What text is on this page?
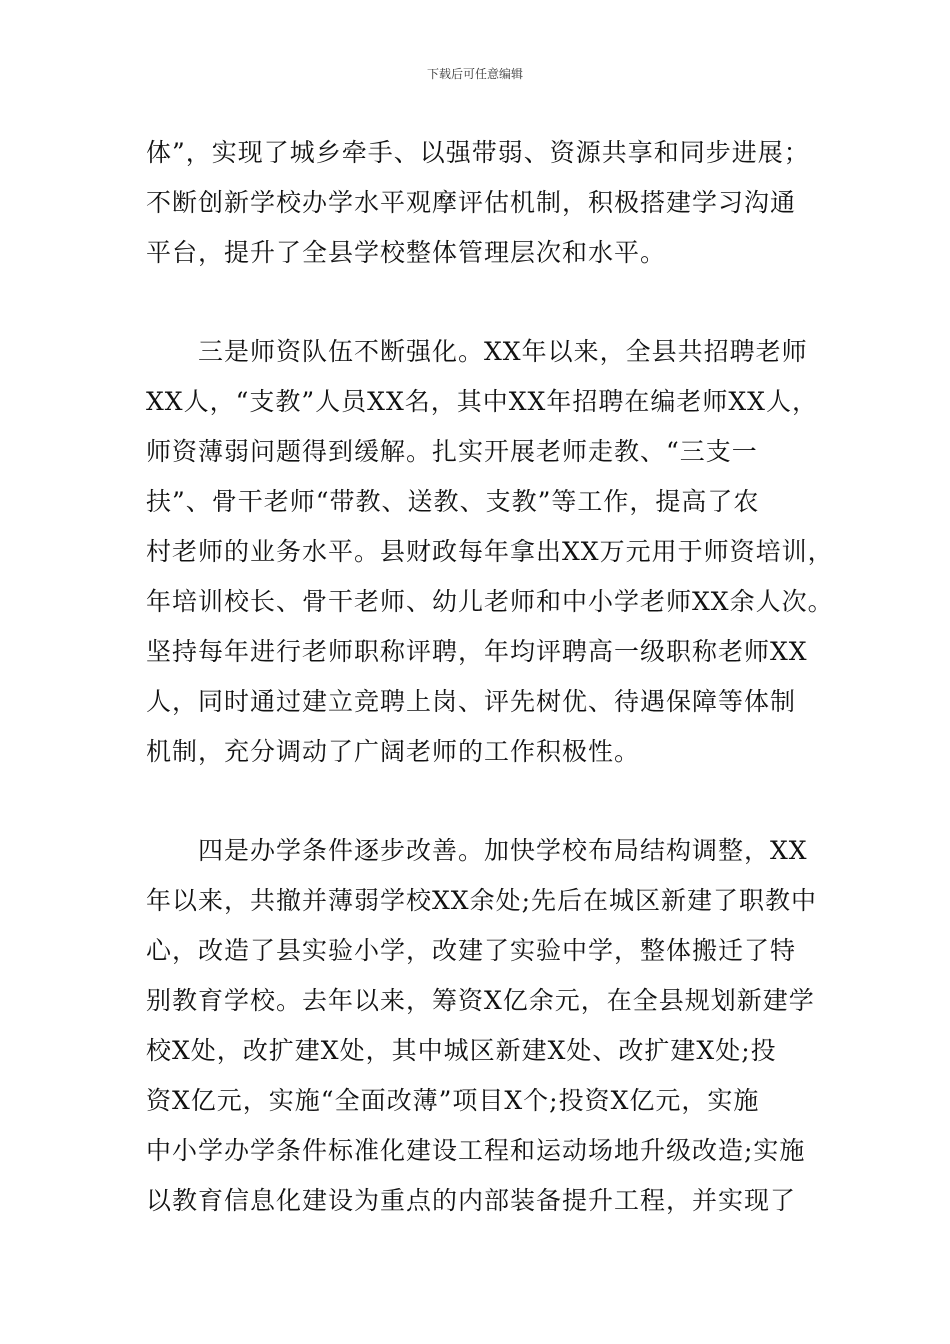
下载后可任意编辑
体”，实现了城乡牵手、以强带弱、资源共享和同步进展；
不断创新学校办学水平观摩评估机制，积极搭建学习沟通
平台，提升了全县学校整体管理层次和水平。
三是师资队伍不断强化。XX年以来，全县共招聘老师
XX人，“支教”人员XX名，其中XX年招聘在编老师XX人，
师资薄弱问题得到缓解。扎实开展老师走教、“三支一
扶”、骨干老师“带教、送教、支教”等工作，提高了农
村老师的业务水平。县财政每年拿出XX万元用于师资培训，
年培训校长、骨干老师、幼儿老师和中小学老师XX余人次。
坚持每年进行老师职称评聘，年均评聘高一级职称老师XX
人，同时通过建立竞聘上岗、评先树优、待遇保障等体制
机制，充分调动了广阔老师的工作积极性。
四是办学条件逐步改善。加快学校布局结构调整，XX
年以来，共撤并薄弱学校XX余处;先后在城区新建了职教中
心，改造了县实验小学，改建了实验中学，整体搬迁了特
别教育学校。去年以来，筹资X亿余元，在全县规划新建学
校X处，改扩建X处，其中城区新建X处、改扩建X处;投
资X亿元，实施“全面改薄”项目X个;投资X亿元，实施
中小学办学条件标准化建设工程和运动场地升级改造;实施
以教育信息化建设为重点的内部装备提升工程，并实现了
